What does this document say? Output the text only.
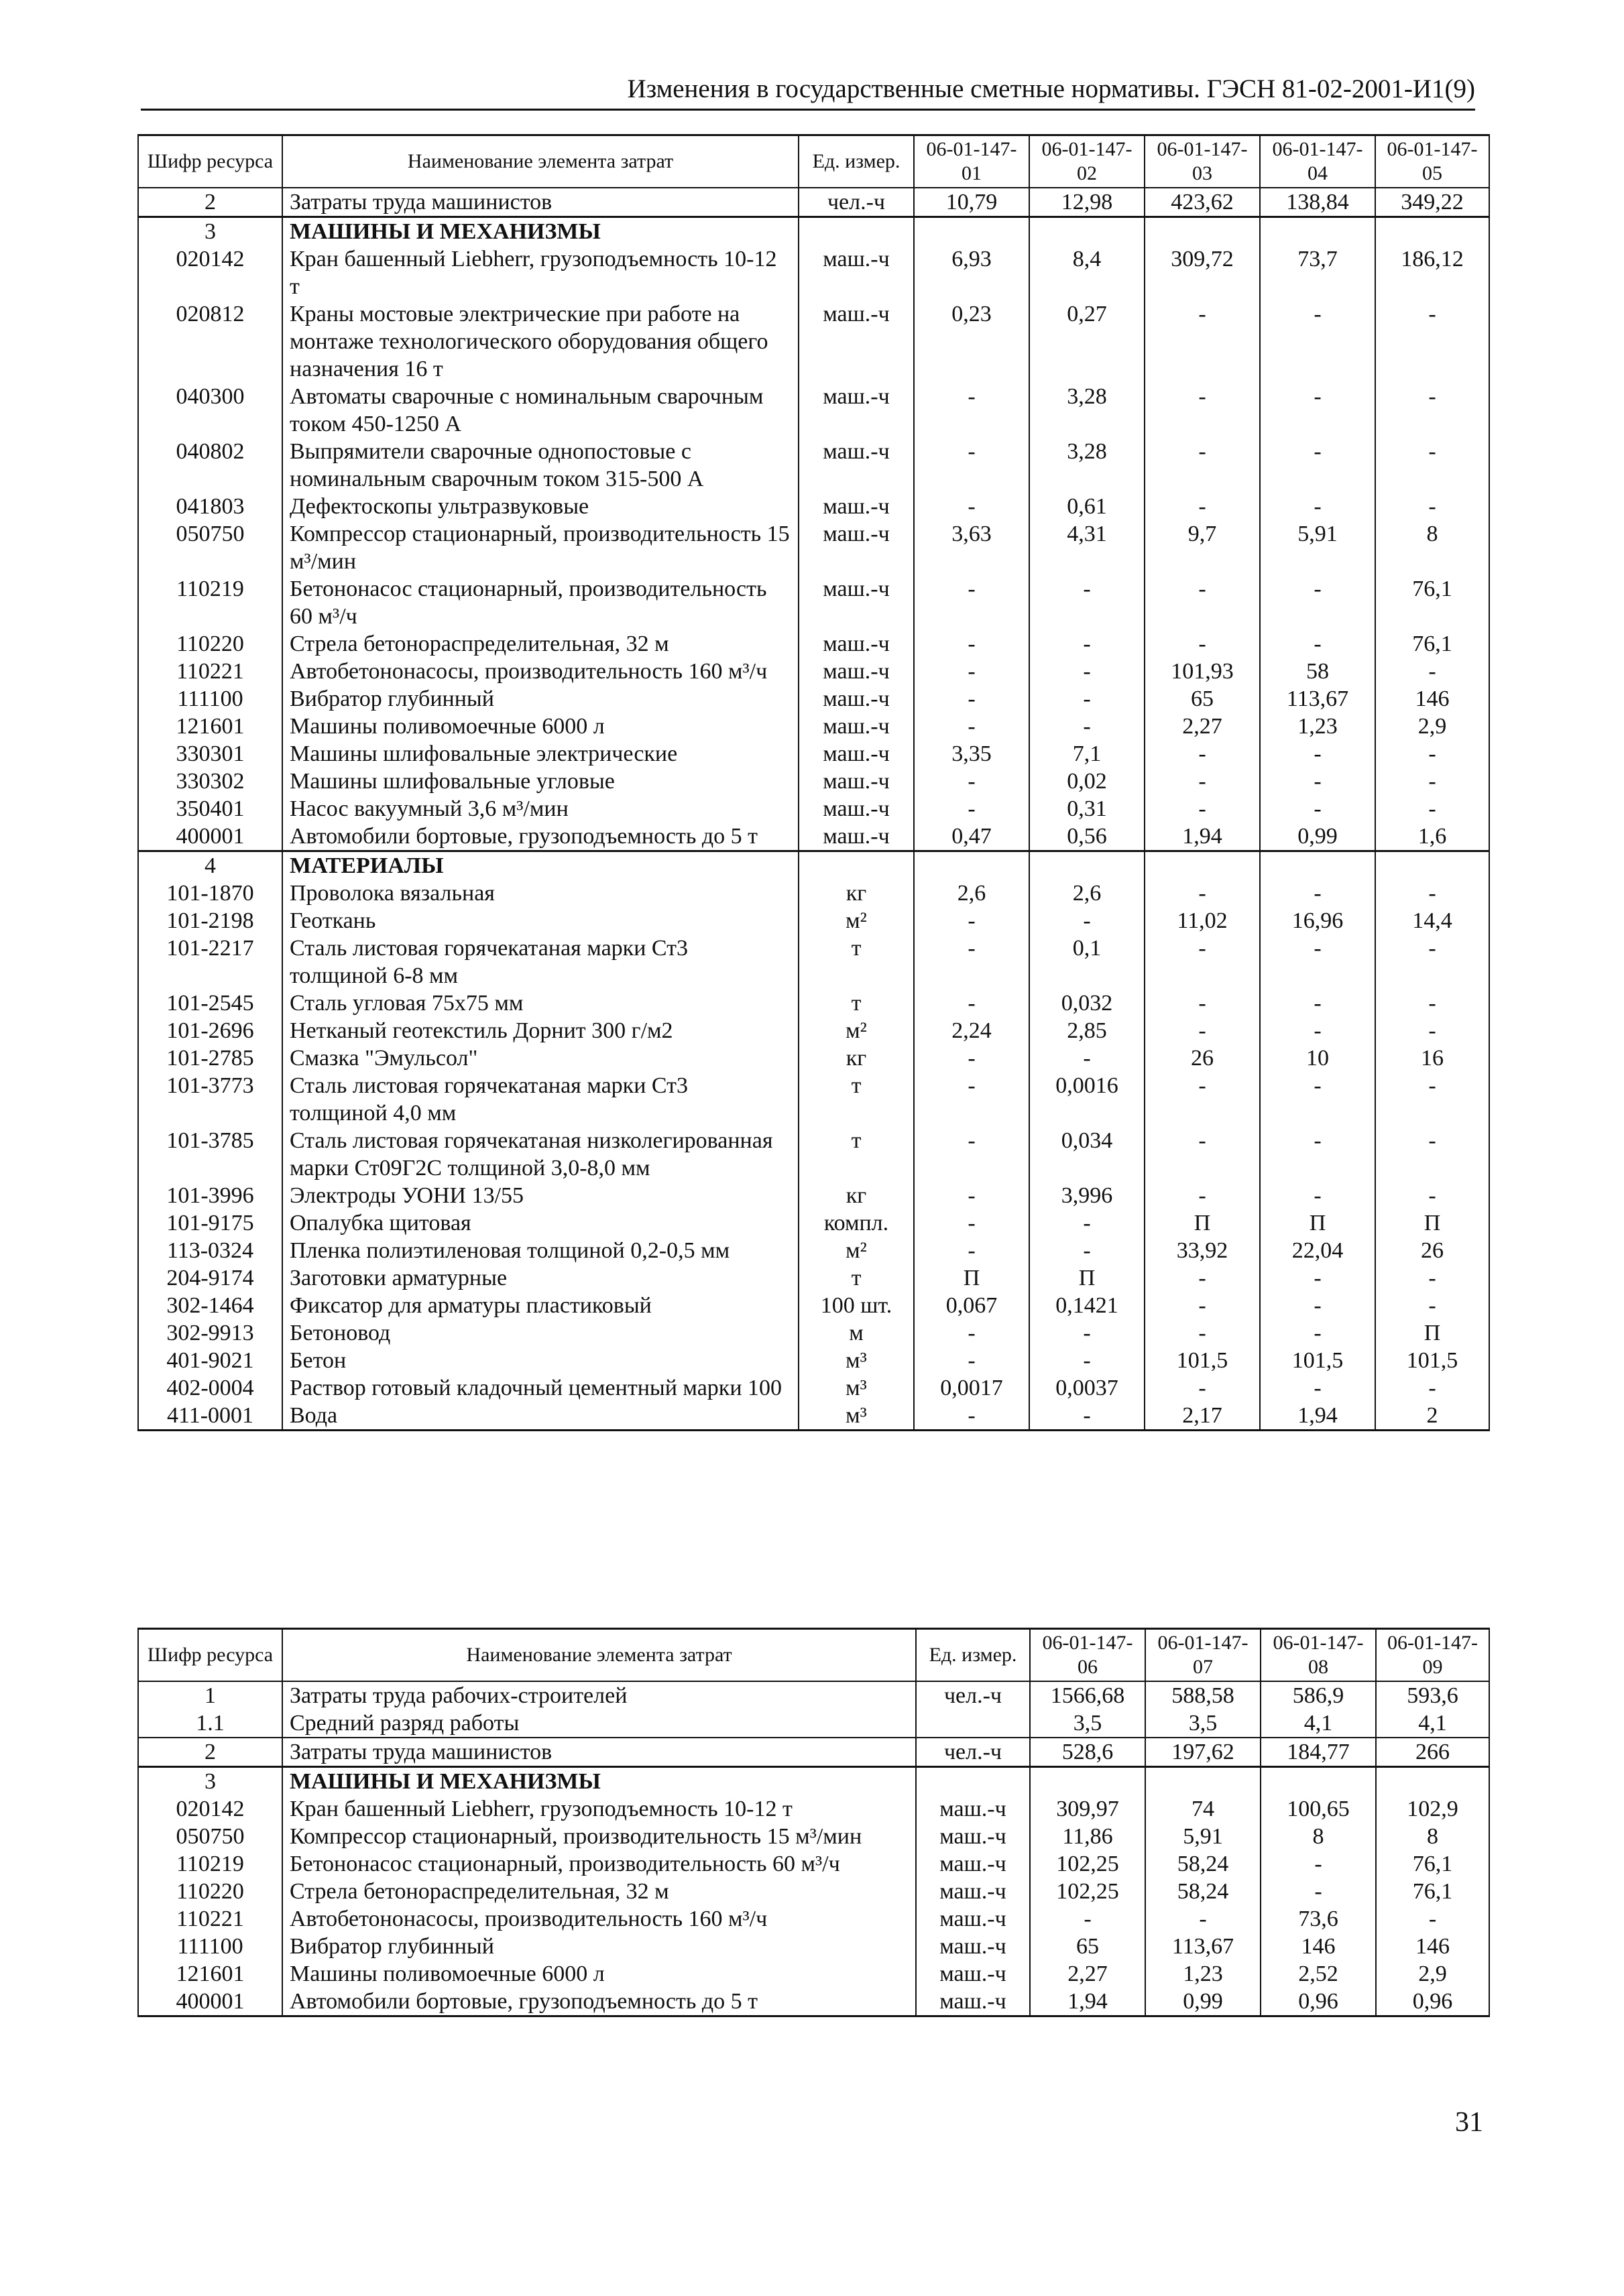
Изменения в государственные сметные нормативы. ГЭСН 81-02-2001-И1(9)
Шифр ресурса	Наименование элемента затрат	Ед. измер.	06-01-147-01	06-01-147-02	06-01-147-03	06-01-147-04	06-01-147-05
2	Затраты труда машинистов	чел.-ч	10,79	12,98	423,62	138,84	349,22
3	МАШИНЫ И МЕХАНИЗМЫ						
020142	Кран башенный Liebherr, грузоподъемность 10-12 т	маш.-ч	6,93	8,4	309,72	73,7	186,12
020812	Краны мостовые электрические при работе на монтаже технологического оборудования общего назначения 16 т	маш.-ч	0,23	0,27	-	-	-
040300	Автоматы сварочные с номинальным сварочным током 450-1250 А	маш.-ч	-	3,28	-	-	-
040802	Выпрямители сварочные однопостовые с номинальным сварочным током 315-500 А	маш.-ч	-	3,28	-	-	-
041803	Дефектоскопы ультразвуковые	маш.-ч	-	0,61	-	-	-
050750	Компрессор стационарный, производительность 15 м³/мин	маш.-ч	3,63	4,31	9,7	5,91	8
110219	Бетононасос стационарный, производительность 60 м³/ч	маш.-ч	-	-	-	-	76,1
110220	Стрела бетонораспределительная, 32 м	маш.-ч	-	-	-	-	76,1
110221	Автобетононасосы, производительность 160 м³/ч	маш.-ч	-	-	101,93	58	-
111100	Вибратор глубинный	маш.-ч	-	-	65	113,67	146
121601	Машины поливомоечные 6000 л	маш.-ч	-	-	2,27	1,23	2,9
330301	Машины шлифовальные электрические	маш.-ч	3,35	7,1	-	-	-
330302	Машины шлифовальные угловые	маш.-ч	-	0,02	-	-	-
350401	Насос вакуумный 3,6 м³/мин	маш.-ч	-	0,31	-	-	-
400001	Автомобили бортовые, грузоподъемность до 5 т	маш.-ч	0,47	0,56	1,94	0,99	1,6
4	МАТЕРИАЛЫ						
101-1870	Проволока вязальная	кг	2,6	2,6	-	-	-
101-2198	Геоткань	м²	-	-	11,02	16,96	14,4
101-2217	Сталь листовая горячекатаная марки Ст3 толщиной 6-8 мм	т	-	0,1	-	-	-
101-2545	Сталь угловая 75х75 мм	т	-	0,032	-	-	-
101-2696	Нетканый геотекстиль Дорнит 300 г/м2	м²	2,24	2,85	-	-	-
101-2785	Смазка "Эмульсол"	кг	-	-	26	10	16
101-3773	Сталь листовая горячекатаная марки Ст3 толщиной 4,0 мм	т	-	0,0016	-	-	-
101-3785	Сталь листовая горячекатаная низколегированная марки Ст09Г2С толщиной 3,0-8,0 мм	т	-	0,034	-	-	-
101-3996	Электроды УОНИ 13/55	кг	-	3,996	-	-	-
101-9175	Опалубка щитовая	компл.	-	-	П	П	П
113-0324	Пленка полиэтиленовая толщиной 0,2-0,5 мм	м²	-	-	33,92	22,04	26
204-9174	Заготовки арматурные	т	П	П	-	-	-
302-1464	Фиксатор для арматуры пластиковый	100 шт.	0,067	0,1421	-	-	-
302-9913	Бетоновод	м	-	-	-	-	П
401-9021	Бетон	м³	-	-	101,5	101,5	101,5
402-0004	Раствор готовый кладочный цементный марки 100	м³	0,0017	0,0037	-	-	-
411-0001	Вода	м³	-	-	2,17	1,94	2
Шифр ресурса	Наименование элемента затрат	Ед. измер.	06-01-147-06	06-01-147-07	06-01-147-08	06-01-147-09
1	Затраты труда рабочих-строителей	чел.-ч	1566,68	588,58	586,9	593,6
1.1	Средний разряд работы		3,5	3,5	4,1	4,1
2	Затраты труда машинистов	чел.-ч	528,6	197,62	184,77	266
3	МАШИНЫ И МЕХАНИЗМЫ					
020142	Кран башенный Liebherr, грузоподъемность 10-12 т	маш.-ч	309,97	74	100,65	102,9
050750	Компрессор стационарный, производительность 15 м³/мин	маш.-ч	11,86	5,91	8	8
110219	Бетононасос стационарный, производительность 60 м³/ч	маш.-ч	102,25	58,24	-	76,1
110220	Стрела бетонораспределительная, 32 м	маш.-ч	102,25	58,24	-	76,1
110221	Автобетононасосы, производительность 160 м³/ч	маш.-ч	-	-	73,6	-
111100	Вибратор глубинный	маш.-ч	65	113,67	146	146
121601	Машины поливомоечные 6000 л	маш.-ч	2,27	1,23	2,52	2,9
400001	Автомобили бортовые, грузоподъемность до 5 т	маш.-ч	1,94	0,99	0,96	0,96
31
